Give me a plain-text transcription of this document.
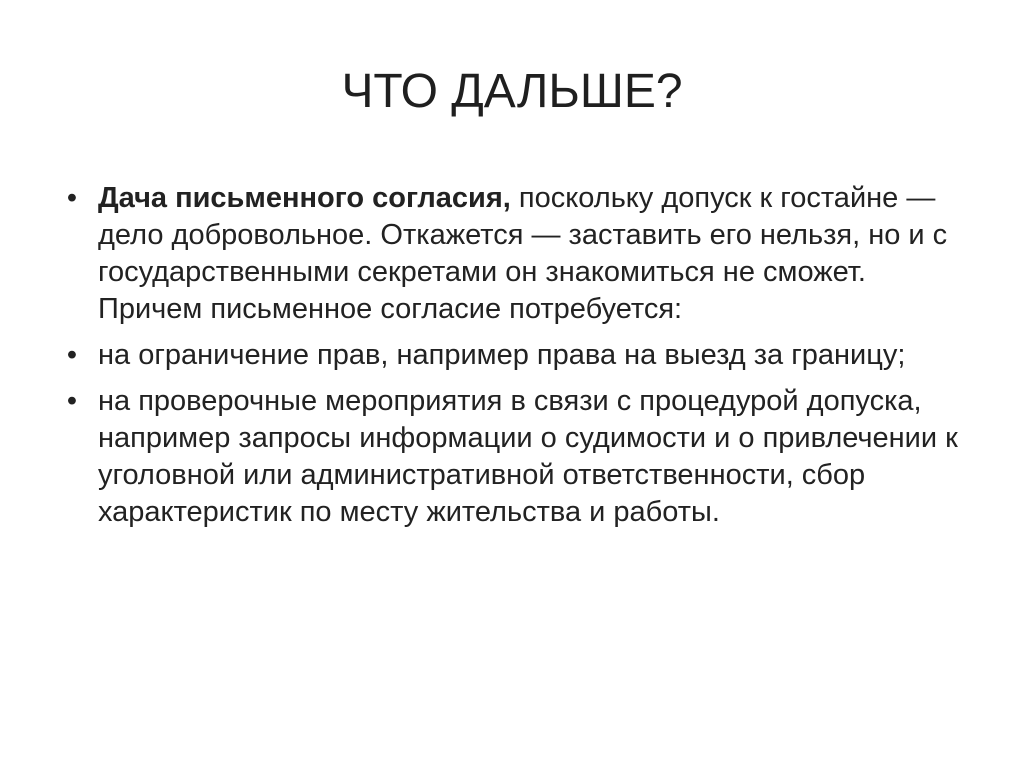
ЧТО ДАЛЬШЕ?
• Дача письменного согласия, поскольку допуск к гостайне — дело добровольное. Откажется — заставить его нельзя, но и с государственными секретами он знакомиться не сможет. Причем письменное согласие потребуется:
• на ограничение прав, например права на выезд за границу;
• на проверочные мероприятия в связи с процедурой допуска, например запросы информации о судимости и о привлечении к уголовной или административной ответственности, сбор характеристик по месту жительства и работы.
